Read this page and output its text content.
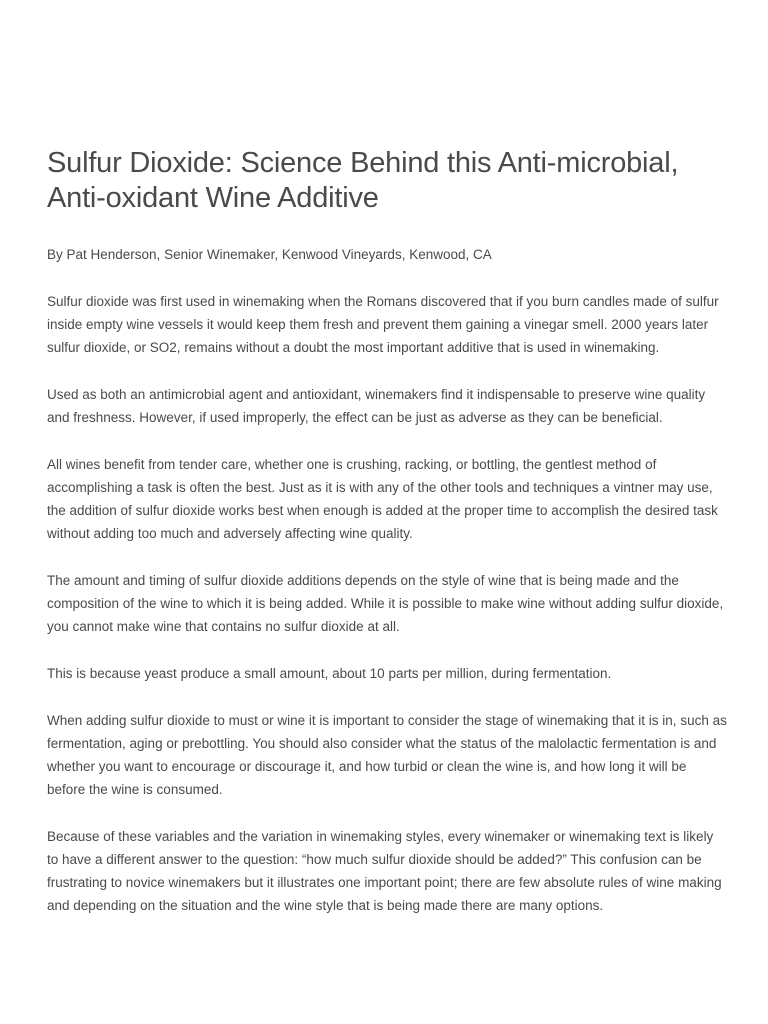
Sulfur Dioxide: Science Behind this Anti-microbial, Anti-oxidant Wine Additive

By Pat Henderson, Senior Winemaker, Kenwood Vineyards, Kenwood, CA

Sulfur dioxide was first used in winemaking when the Romans discovered that if you burn candles made of sulfur inside empty wine vessels it would keep them fresh and prevent them gaining a vinegar smell. 2000 years later sulfur dioxide, or SO2, remains without a doubt the most important additive that is used in winemaking.

Used as both an antimicrobial agent and antioxidant, winemakers find it indispensable to preserve wine quality and freshness. However, if used improperly, the effect can be just as adverse as they can be beneficial.

All wines benefit from tender care, whether one is crushing, racking, or bottling, the gentlest method of accomplishing a task is often the best. Just as it is with any of the other tools and techniques a vintner may use, the addition of sulfur dioxide works best when enough is added at the proper time to accomplish the desired task without adding too much and adversely affecting wine quality.

The amount and timing of sulfur dioxide additions depends on the style of wine that is being made and the composition of the wine to which it is being added. While it is possible to make wine without adding sulfur dioxide, you cannot make wine that contains no sulfur dioxide at all.

This is because yeast produce a small amount, about 10 parts per million, during fermentation.

When adding sulfur dioxide to must or wine it is important to consider the stage of winemaking that it is in, such as fermentation, aging or prebottling. You should also consider what the status of the malolactic fermentation is and whether you want to encourage or discourage it, and how turbid or clean the wine is, and how long it will be before the wine is consumed.

Because of these variables and the variation in winemaking styles, every winemaker or winemaking text is likely to have a different answer to the question: “how much sulfur dioxide should be added?” This confusion can be frustrating to novice winemakers but it illustrates one important point; there are few absolute rules of wine making and depending on the situation and the wine style that is being made there are many options.
